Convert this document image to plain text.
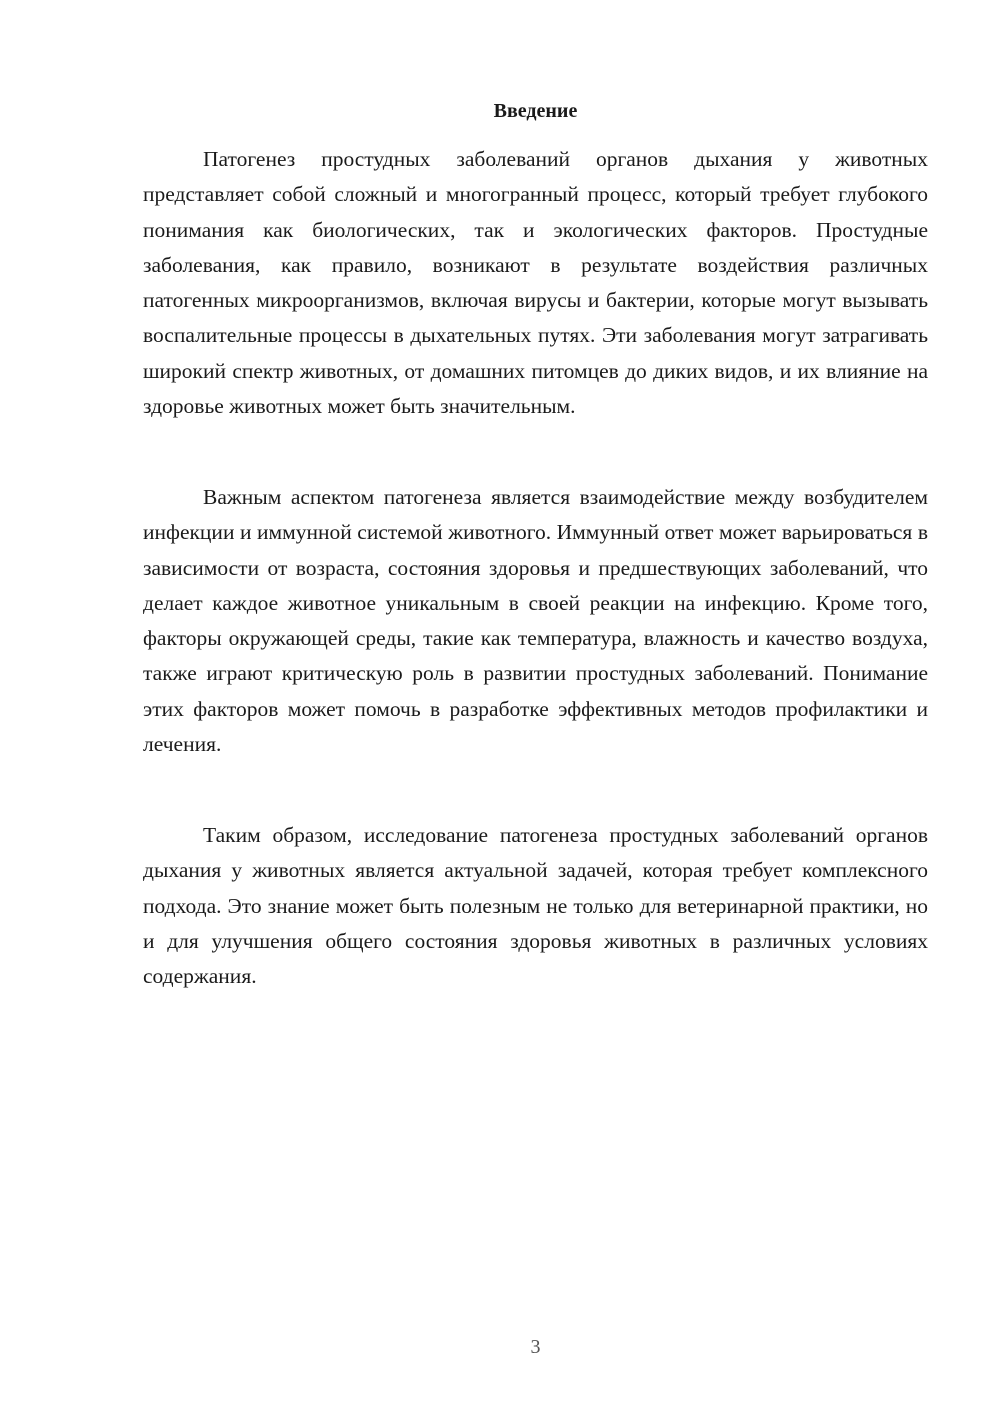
Введение

Патогенез простудных заболеваний органов дыхания у животных представляет собой сложный и многогранный процесс, который требует глубокого понимания как биологических, так и экологических факторов. Простудные заболевания, как правило, возникают в результате воздействия различных патогенных микроорганизмов, включая вирусы и бактерии, которые могут вызывать воспалительные процессы в дыхательных путях. Эти заболевания могут затрагивать широкий спектр животных, от домашних питомцев до диких видов, и их влияние на здоровье животных может быть значительным.

Важным аспектом патогенеза является взаимодействие между возбудителем инфекции и иммунной системой животного. Иммунный ответ может варьироваться в зависимости от возраста, состояния здоровья и предшествующих заболеваний, что делает каждое животное уникальным в своей реакции на инфекцию. Кроме того, факторы окружающей среды, такие как температура, влажность и качество воздуха, также играют критическую роль в развитии простудных заболеваний. Понимание этих факторов может помочь в разработке эффективных методов профилактики и лечения.

Таким образом, исследование патогенеза простудных заболеваний органов дыхания у животных является актуальной задачей, которая требует комплексного подхода. Это знание может быть полезным не только для ветеринарной практики, но и для улучшения общего состояния здоровья животных в различных условиях содержания.

3
